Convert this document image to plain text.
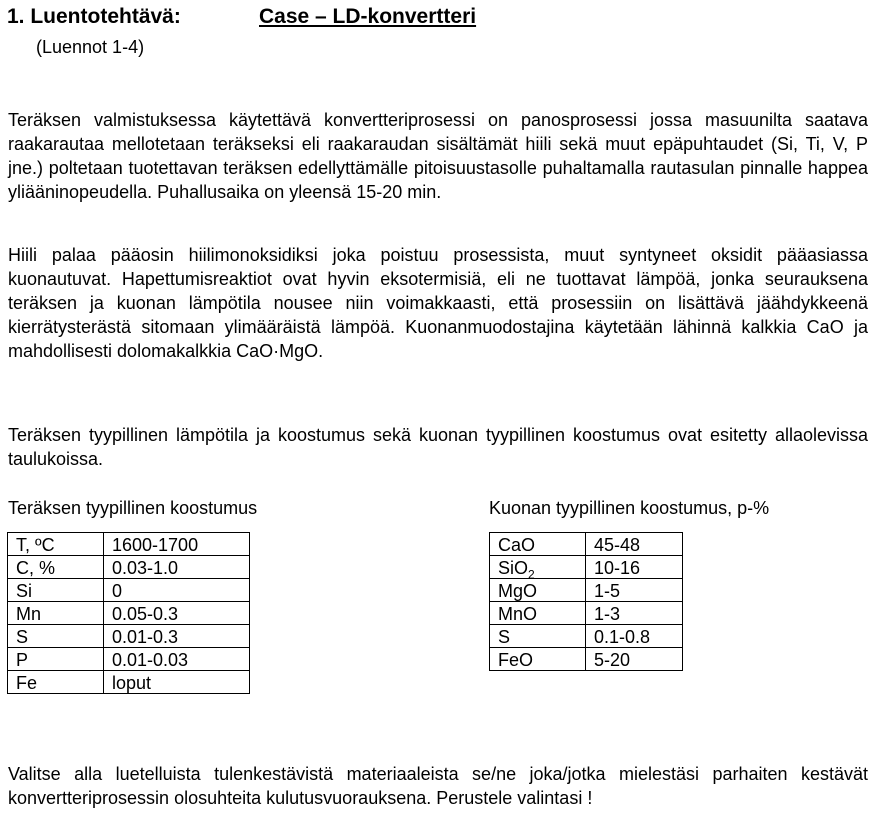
1. Luentotehtävä:	Case – LD-konvertteri
(Luennot 1-4)

Teräksen valmistuksessa käytettävä konvertteriprosessi on panosprosessi jossa masuunilta saatava raakarautaa mellotetaan teräkseksi eli raakaraudan sisältämät hiili sekä muut epäpuhtaudet (Si, Ti, V, P jne.) poltetaan tuotettavan teräksen edellyttämälle pitoisuustasolle puhaltamalla rautasulan pinnalle happea yliääninopeudella. Puhallusaika on yleensä 15-20 min.

Hiili palaa pääosin hiilimonoksidiksi joka poistuu prosessista, muut syntyneet oksidit pääasiassa kuonautuvat. Hapettumisreaktiot ovat hyvin eksotermisiä, eli ne tuottavat lämpöä, jonka seurauksena teräksen ja kuonan lämpötila nousee niin voimakkaasti, että prosessiin on lisättävä jäähdykkeenä kierrätysterästä sitomaan ylimääräistä lämpöä. Kuonanmuodostajina käytetään lähinnä kalkkia CaO ja mahdollisesti dolomakalkkia CaO·MgO.

Teräksen tyypillinen lämpötila ja koostumus sekä kuonan tyypillinen koostumus ovat esitetty allaolevissa taulukoissa.

Teräksen tyypillinen koostumus	Kuonan tyypillinen koostumus, p-%
T, ºC	1600-1700
C, %	0.03-1.0
Si	0
Mn	0.05-0.3
S	0.01-0.3
P	0.01-0.03
Fe	loput
CaO	45-48
SiO$_2$	10-16
MgO	1-5
MnO	1-3
S	0.1-0.8
FeO	5-20

Valitse alla luetelluista tulenkestävistä materiaaleista se/ne joka/jotka mielestäsi parhaiten kestävät konvertteriprosessin olosuhteita kulutusvuorauksena. Perustele valintasi !
